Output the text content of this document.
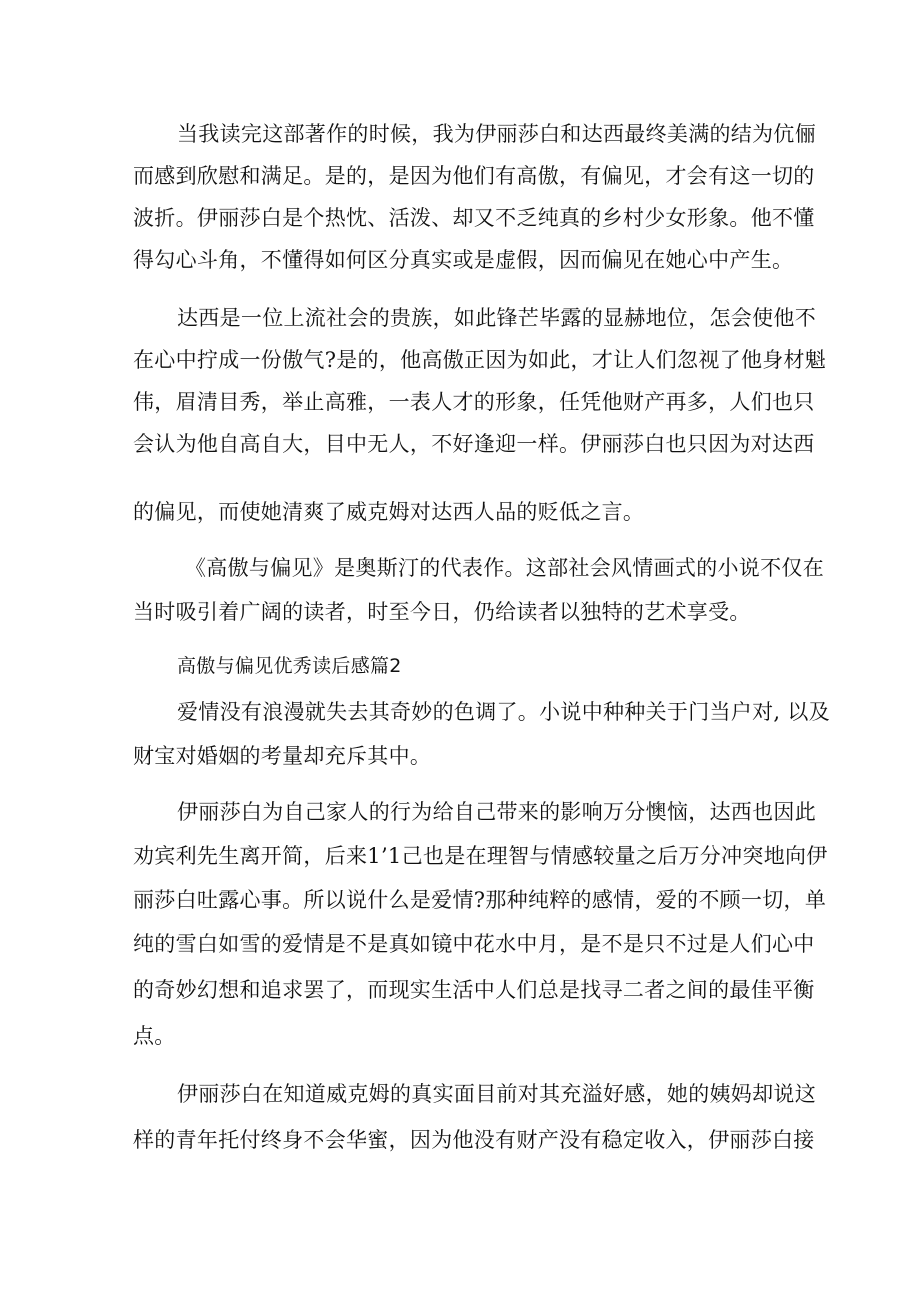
当我读完这部著作的时候，我为伊丽莎白和达西最终美满的结为伉俪

而感到欣慰和满足。是的，是因为他们有高傲，有偏见，才会有这一切的

波折。伊丽莎白是个热忱、活泼、却又不乏纯真的乡村少女形象。他不懂

得勾心斗角，不懂得如何区分真实或是虚假，因而偏见在她心中产生。

达西是一位上流社会的贵族，如此锋芒毕露的显赫地位，怎会使他不

在心中拧成一份傲气?是的，他高傲正因为如此，才让人们忽视了他身材魁

伟，眉清目秀，举止高雅，一表人才的形象，任凭他财产再多，人们也只

会认为他自高自大，目中无人，不好逢迎一样。伊丽莎白也只因为对达西

的偏见，而使她清爽了威克姆对达西人品的贬低之言。

《高傲与偏见》是奥斯汀的代表作。这部社会风情画式的小说不仅在

当时吸引着广阔的读者，时至今日，仍给读者以独特的艺术享受。

高傲与偏见优秀读后感篇2

爱情没有浪漫就失去其奇妙的色调了。小说中种种关于门当户对, 以及

财宝对婚姻的考量却充斥其中。

伊丽莎白为自己家人的行为给自己带来的影响万分懊恼，达西也因此

劝宾利先生离开简，后来1’1己也是在理智与情感较量之后万分冲突地向伊

丽莎白吐露心事。所以说什么是爱情?那种纯粹的感情，爱的不顾一切，单

纯的雪白如雪的爱情是不是真如镜中花水中月，是不是只不过是人们心中

的奇妙幻想和追求罢了，而现实生活中人们总是找寻二者之间的最佳平衡

点。

伊丽莎白在知道威克姆的真实面目前对其充溢好感，她的姨妈却说这

样的青年托付终身不会华蜜，因为他没有财产没有稳定收入，伊丽莎白接
